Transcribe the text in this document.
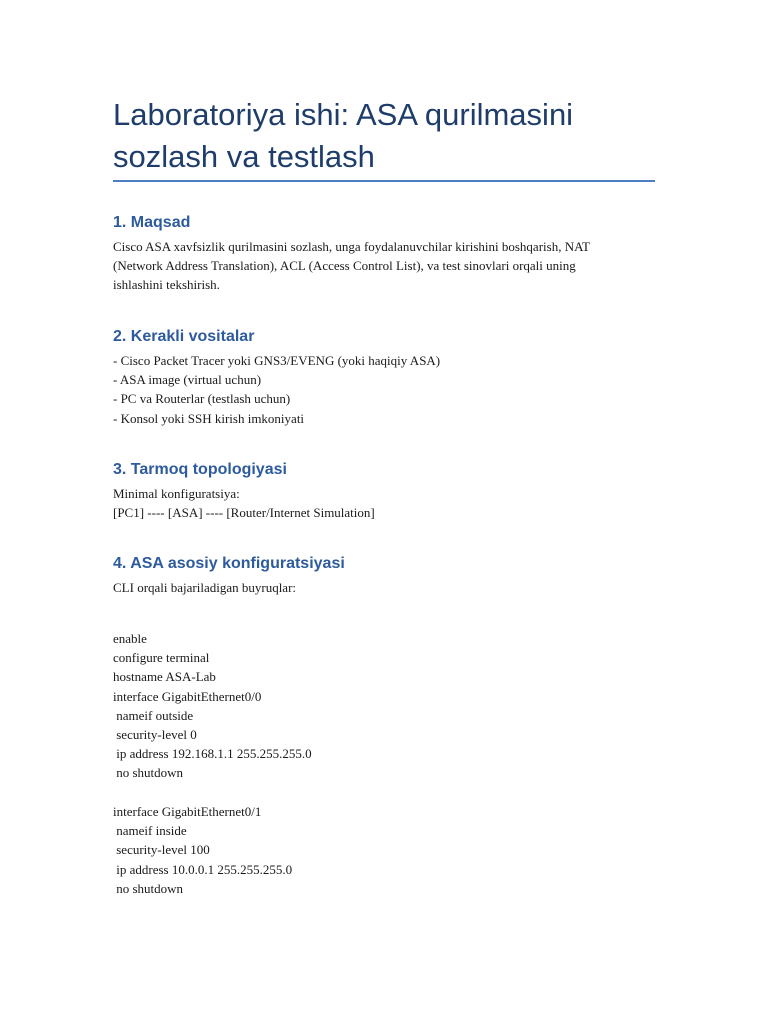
Laboratoriya ishi: ASA qurilmasini
sozlash va testlash
1. Maqsad
Cisco ASA xavfsizlik qurilmasini sozlash, unga foydalanuvchilar kirishini boshqarish, NAT
(Network Address Translation), ACL (Access Control List), va test sinovlari orqali uning
ishlashini tekshirish.
2. Kerakli vositalar
- Cisco Packet Tracer yoki GNS3/EVENG (yoki haqiqiy ASA)
- ASA image (virtual uchun)
- PC va Routerlar (testlash uchun)
- Konsol yoki SSH kirish imkoniyati
3. Tarmoq topologiyasi
Minimal konfiguratsiya:
[PC1] ---- [ASA] ---- [Router/Internet Simulation]
4. ASA asosiy konfiguratsiyasi
CLI orqali bajariladigan buyruqlar:
enable
configure terminal
hostname ASA-Lab
interface GigabitEthernet0/0
nameif outside
security-level 0
ip address 192.168.1.1 255.255.255.0
no shutdown
interface GigabitEthernet0/1
nameif inside
security-level 100
ip address 10.0.0.1 255.255.255.0
no shutdown
